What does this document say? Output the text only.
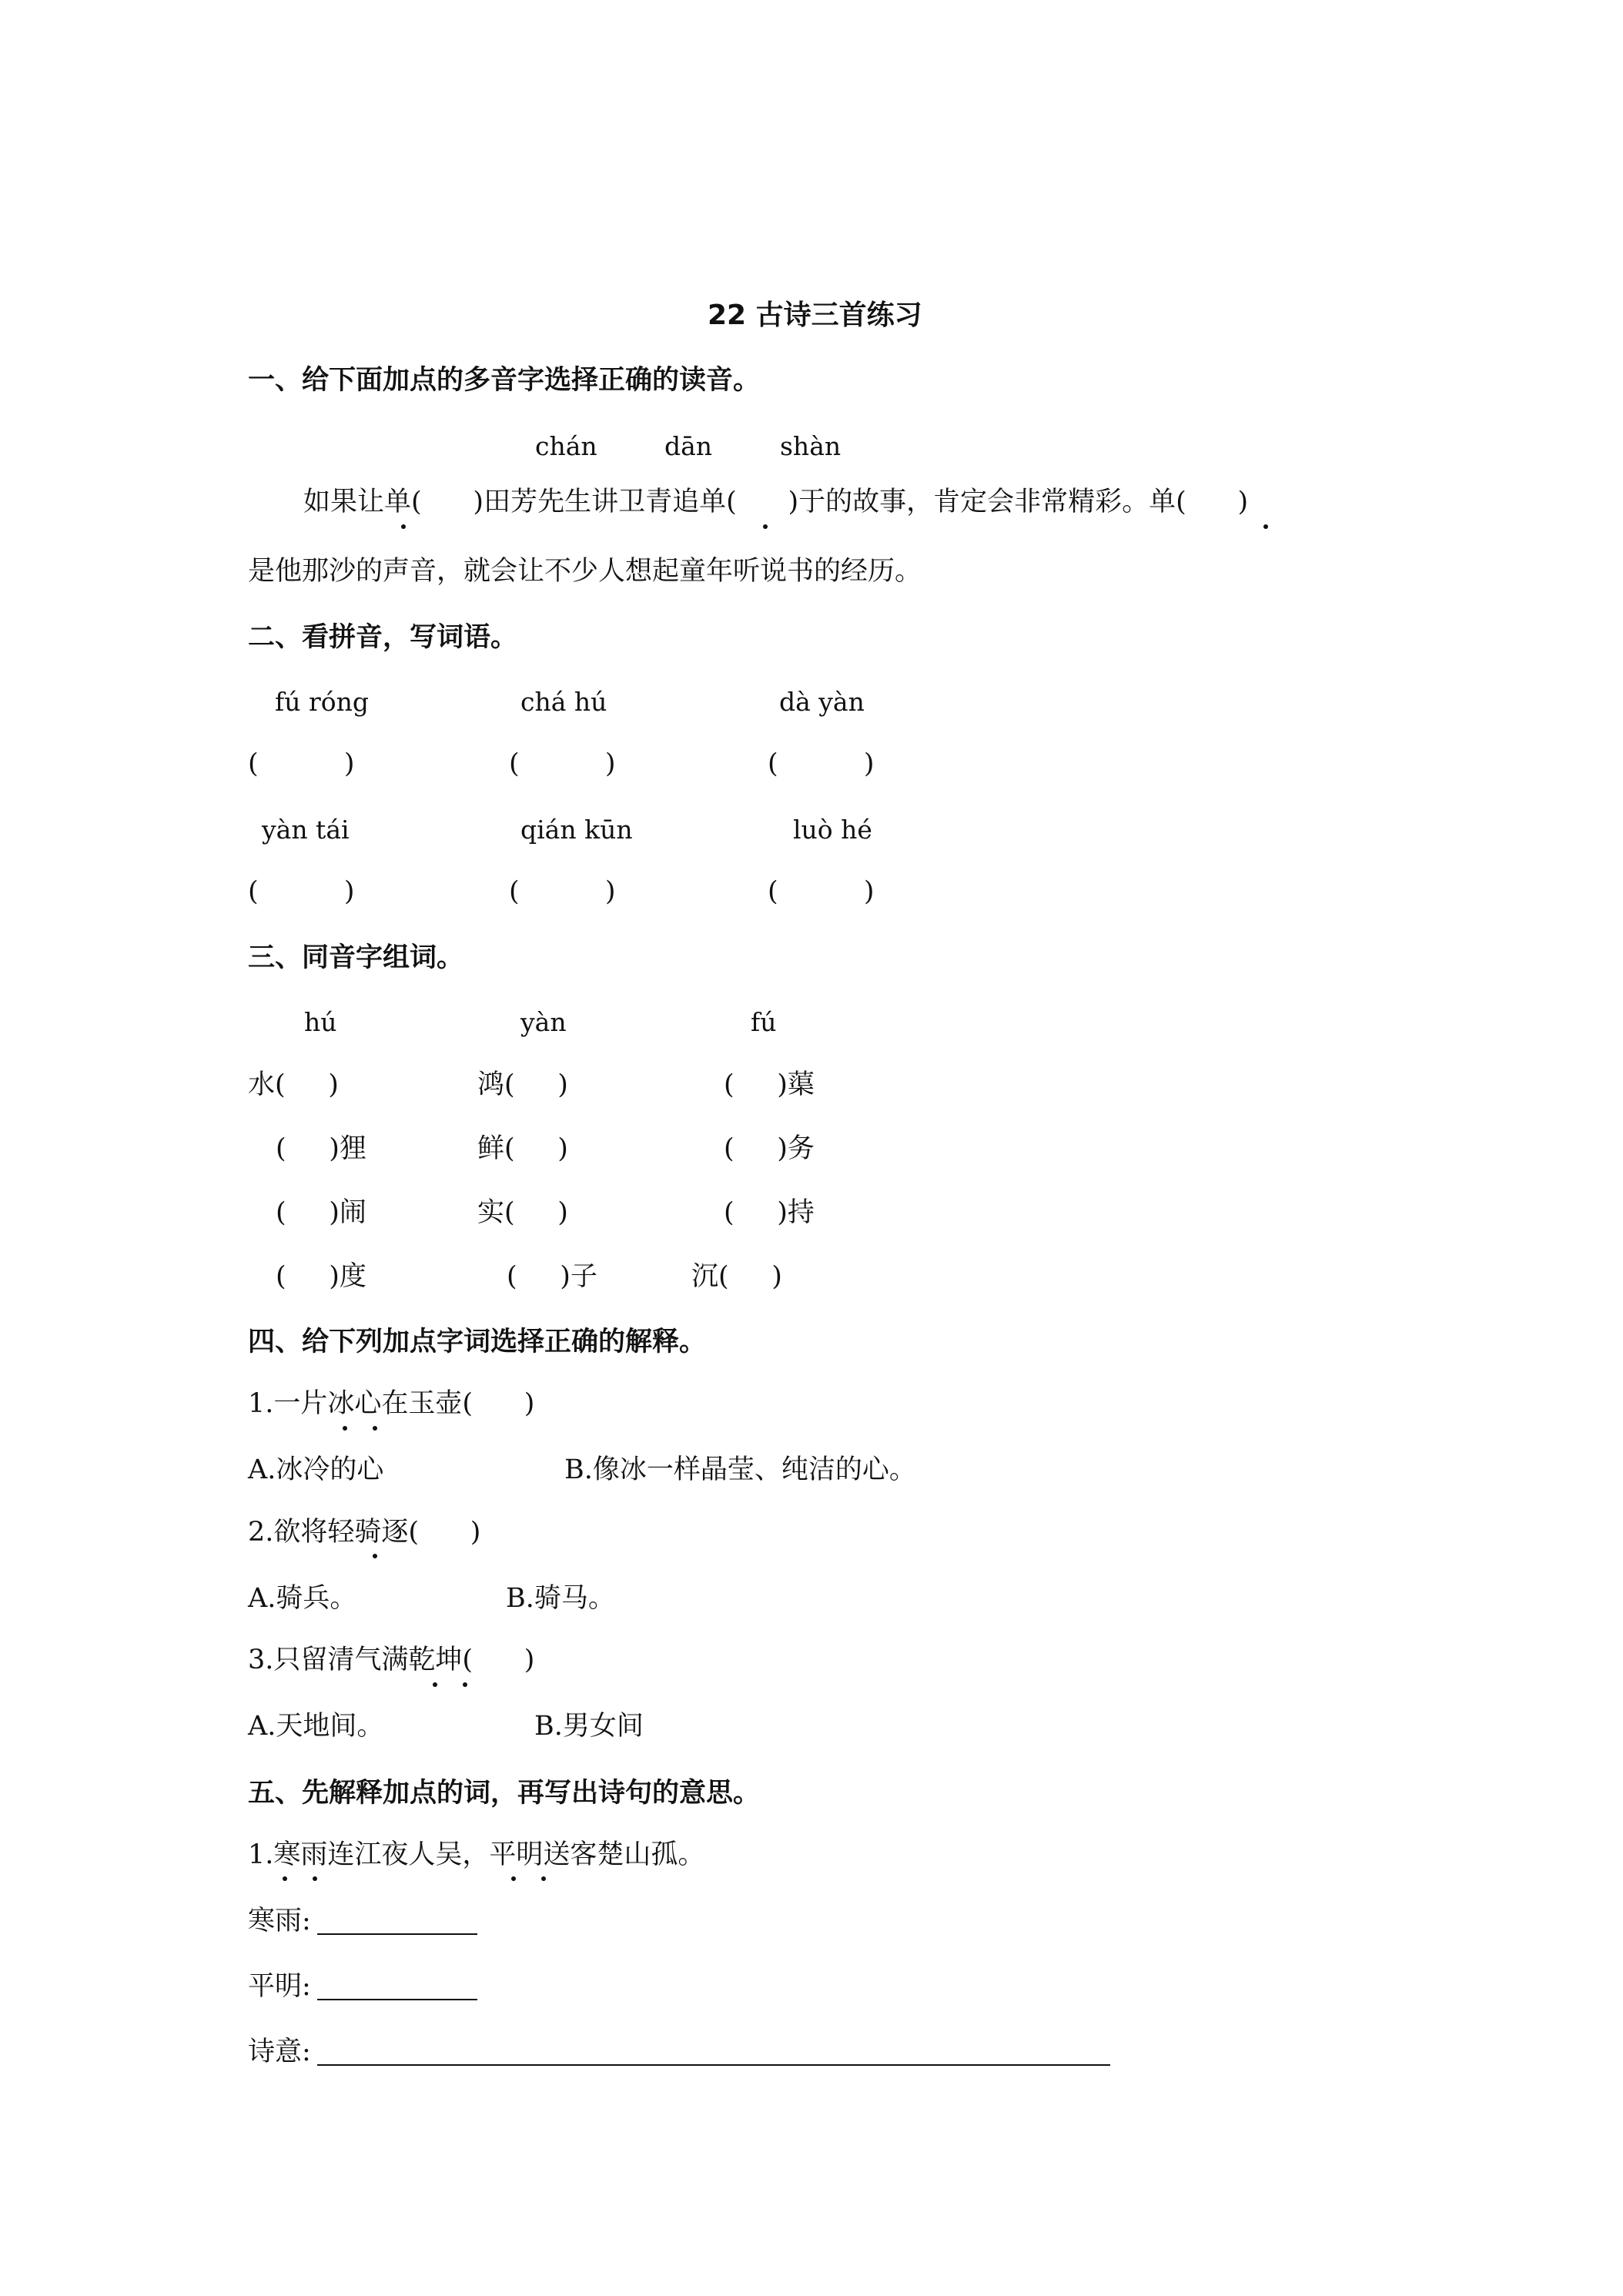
22 古诗三首练习
一、给下面加点的多音字选择正确的读音。
chán	dān	shàn
如果让单(      )田芳先生讲卫青追单(      )于的故事，肯定会非常精彩。单(      )
是他那沙的声音，就会让不少人想起童年听说书的经历。
二、看拼音，写词语。
fú róng	chá hú	dà yàn
(          )	(          )	(          )
yàn tái	qián kūn	luò hé
(          )	(          )	(          )
三、同音字组词。
hú	yàn	fú
水(     )	鸿(     )	(     )蕖
(     )狸	鲜(     )	(     )务
(     )闹	实(     )	(     )持
(     )度	(     )子	沉(     )
四、给下列加点字词选择正确的解释。
1.一片冰心在玉壶(      )
A.冰冷的心	B.像冰一样晶莹、纯洁的心。
2.欲将轻骑逐(      )
A.骑兵。	B.骑马。
3.只留清气满乾坤(      )
A.天地间。	B.男女间
五、先解释加点的词，再写出诗句的意思。
1.寒雨连江夜人吴，平明送客楚山孤。
寒雨:
平明:
诗意:
